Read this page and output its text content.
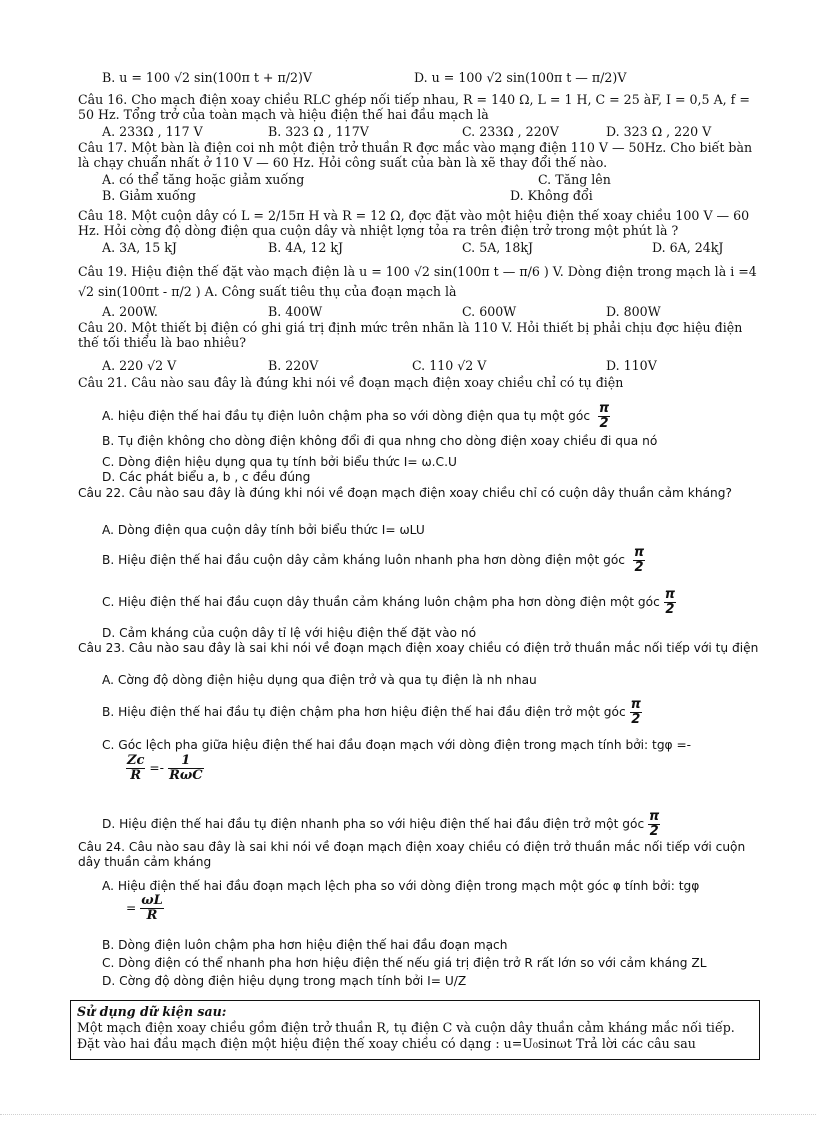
B. u = 100 √2 sin(100π t + π/2)V	D. u = 100 √2 sin(100π t — π/2)V
Câu 16. Cho mạch điện xoay chiều RLC ghép nối tiếp nhau, R = 140 Ω, L = 1 H, C = 25 àF, I = 0,5 A, f = 50 Hz. Tổng trở của toàn mạch và hiệu điện thế hai đầu mạch là
A. 233Ω , 117 V	B. 323 Ω , 117V	C. 233Ω , 220V	D. 323 Ω , 220 V
Câu 17. Một bàn là điện coi nh một điện trở thuần R đợc mắc vào mạng điện 110 V — 50Hz. Cho biết bàn là chạy chuẩn nhất ở 110 V — 60 Hz. Hỏi công suất của bàn là xẽ thay đổi thế nào.
A. có thể tăng hoặc giảm xuống	C. Tăng lên
B. Giảm xuống	D. Không đổi
Câu 18. Một cuộn dây có L = 2/15π H và R = 12 Ω, đợc đặt vào một hiệu điện thế xoay chiều 100 V — 60 Hz. Hỏi cờng độ dòng điện qua cuộn dây và nhiệt lợng tỏa ra trên điện trở trong một phút là ?
A. 3A, 15 kJ	B. 4A, 12 kJ	C. 5A, 18kJ	D. 6A, 24kJ
Câu 19. Hiệu điện thế đặt vào mạch điện là u = 100 √2 sin(100π t — π/6 ) V. Dòng điện trong mạch là i =4 √2 sin(100πt - π/2 ) A. Công suất tiêu thụ của đoạn mạch là
A. 200W.	B. 400W	C. 600W	D. 800W
Câu 20. Một thiết bị điện có ghi giá trị định mức trên nhãn là 110 V. Hỏi thiết bị phải chịu đợc hiệu điện thế tối thiểu là bao nhiêu?
A. 220 √2 V	B. 220V	C. 110 √2 V	D. 110V
Câu 21. Câu nào sau đây là đúng khi nói về đoạn mạch điện xoay chiều chỉ có tụ điện
A. hiệu điện thế hai đầu tụ điện luôn chậm pha so với dòng điện qua tụ một góc $\frac{\pi}{2}$
B. Tụ điện không cho dòng điện không đổi đi qua nhng cho dòng điện xoay chiều đi qua nó
C. Dòng điện hiệu dụng qua tụ tính bởi biểu thức I= ω.C.U
D. Các phát biểu a, b , c đều đúng
Câu 22. Câu nào sau đây là đúng khi nói về đoạn mạch điện xoay chiều chỉ có cuộn dây thuần cảm kháng?
A. Dòng điện qua cuộn dây tính bởi biểu thức I= ωLU
B. Hiệu điện thế hai đầu cuộn dây cảm kháng luôn nhanh pha hơn dòng điện một góc $\frac{\pi}{2}$
C. Hiệu điện thế hai đầu cuọn dây thuần cảm kháng luôn chậm pha hơn dòng điện một góc $\frac{\pi}{2}$
D. Cảm kháng của cuộn dây tỉ lệ với hiệu điện thế đặt vào nó
Câu 23. Câu nào sau đây là sai khi nói về đoạn mạch điện xoay chiều có điện trở thuần mắc nối tiếp với tụ điện
A. Cờng độ dòng điện hiệu dụng qua điện trở và qua tụ điện là nh nhau
B. Hiệu điện thế hai đầu tụ điện chậm pha hơn hiệu điện thế hai đầu điện trở một góc $\frac{\pi}{2}$
C. Góc lệch pha giữa hiệu điện thế hai đầu đoạn mạch với dòng điện trong mạch tính bởi: tgφ =-
$\frac{Zc}{R} =- \frac{1}{\text{RωC}}$
D. Hiệu điện thế hai đầu tụ điện nhanh pha so với hiệu điện thế hai đầu điện trở một góc $\frac{\pi}{2}$
Câu 24. Câu nào sau đây là sai khi nói về đoạn mạch điện xoay chiều có điện trở thuần mắc nối tiếp với cuộn dây thuần cảm kháng
A. Hiệu điện thế hai đầu đoạn mạch lệch pha so với dòng điện trong mạch một góc φ tính bởi: tgφ
= $\frac{\omega L}{R}$
B. Dòng điện luôn chậm pha hơn hiệu điện thế hai đầu đoạn mạch
C. Dòng điện có thể nhanh pha hơn hiệu điện thế nếu giá trị điện trở R rất lớn so với cảm kháng ZL
D. Cờng độ dòng điện hiệu dụng trong mạch tính bởi I= U/Z
Sử dụng dữ kiện sau:
Một mạch điện xoay chiều gồm điện trở thuần R, tụ điện C và cuộn dây thuần cảm kháng mắc nối tiếp.
Đặt vào hai đầu mạch điện một hiệu điện thế xoay chiều có dạng : u=U₀sinωt Trả lời các câu sau
